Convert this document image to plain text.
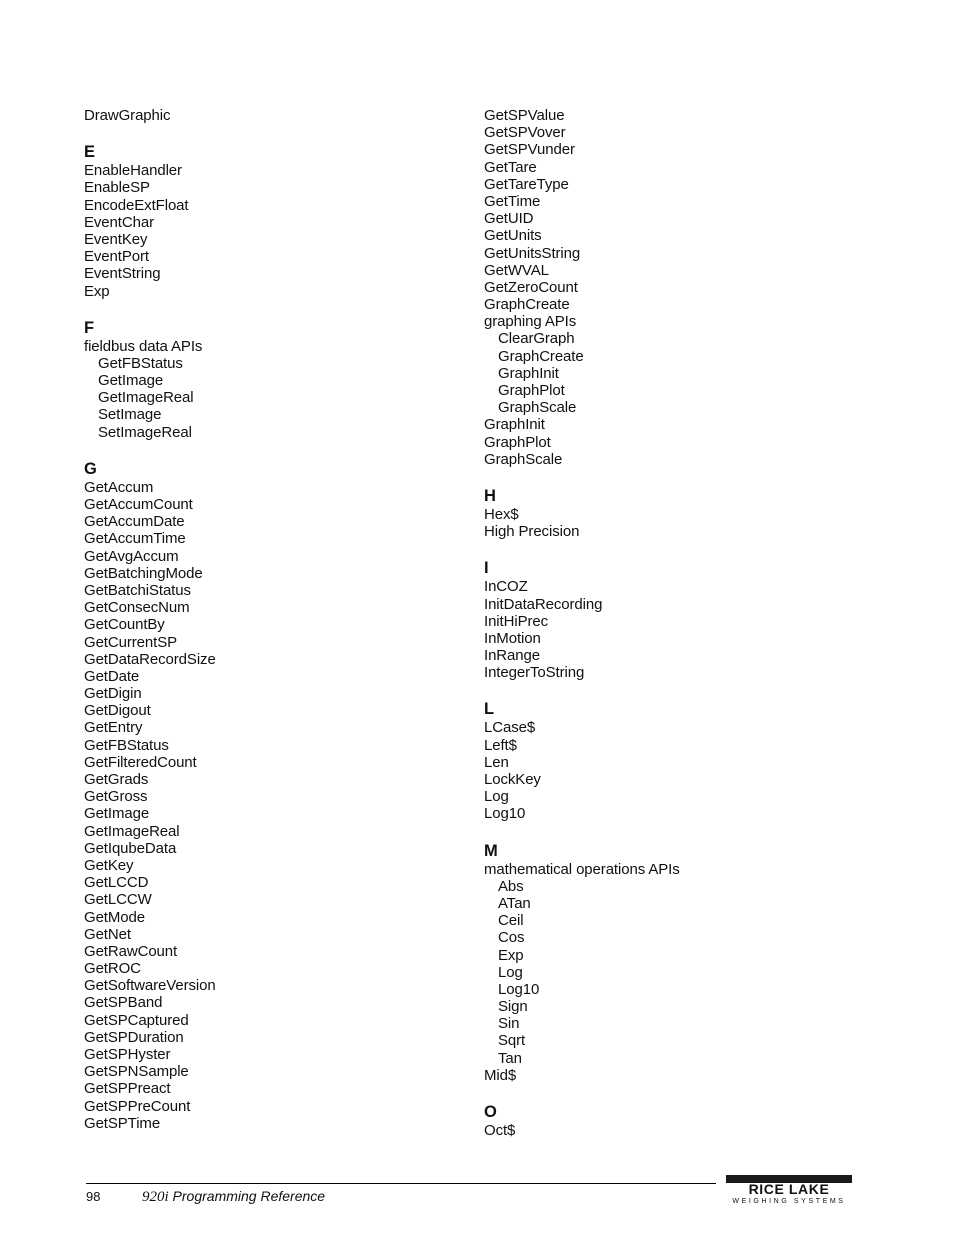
DrawGraphic
E
EnableHandler
EnableSP
EncodeExtFloat
EventChar
EventKey
EventPort
EventString
Exp
F
fieldbus data APIs
GetFBStatus
GetImage
GetImageReal
SetImage
SetImageReal
G
GetAccum
GetAccumCount
GetAccumDate
GetAccumTime
GetAvgAccum
GetBatchingMode
GetBatchiStatus
GetConsecNum
GetCountBy
GetCurrentSP
GetDataRecordSize
GetDate
GetDigin
GetDigout
GetEntry
GetFBStatus
GetFilteredCount
GetGrads
GetGross
GetImage
GetImageReal
GetIqubeData
GetKey
GetLCCD
GetLCCW
GetMode
GetNet
GetRawCount
GetROC
GetSoftwareVersion
GetSPBand
GetSPCaptured
GetSPDuration
GetSPHyster
GetSPNSample
GetSPPreact
GetSPPreCount
GetSPTime
GetSPValue
GetSPVover
GetSPVunder
GetTare
GetTareType
GetTime
GetUID
GetUnits
GetUnitsString
GetWVAL
GetZeroCount
GraphCreate
graphing APIs
ClearGraph
GraphCreate
GraphInit
GraphPlot
GraphScale
GraphInit
GraphPlot
GraphScale
H
Hex$
High Precision
I
InCOZ
InitDataRecording
InitHiPrec
InMotion
InRange
IntegerToString
L
LCase$
Left$
Len
LockKey
Log
Log10
M
mathematical operations APIs
Abs
ATan
Ceil
Cos
Exp
Log
Log10
Sign
Sin
Sqrt
Tan
Mid$
O
Oct$
98	920i Programming Reference	RICE LAKE
WEIGHING SYSTEMS
